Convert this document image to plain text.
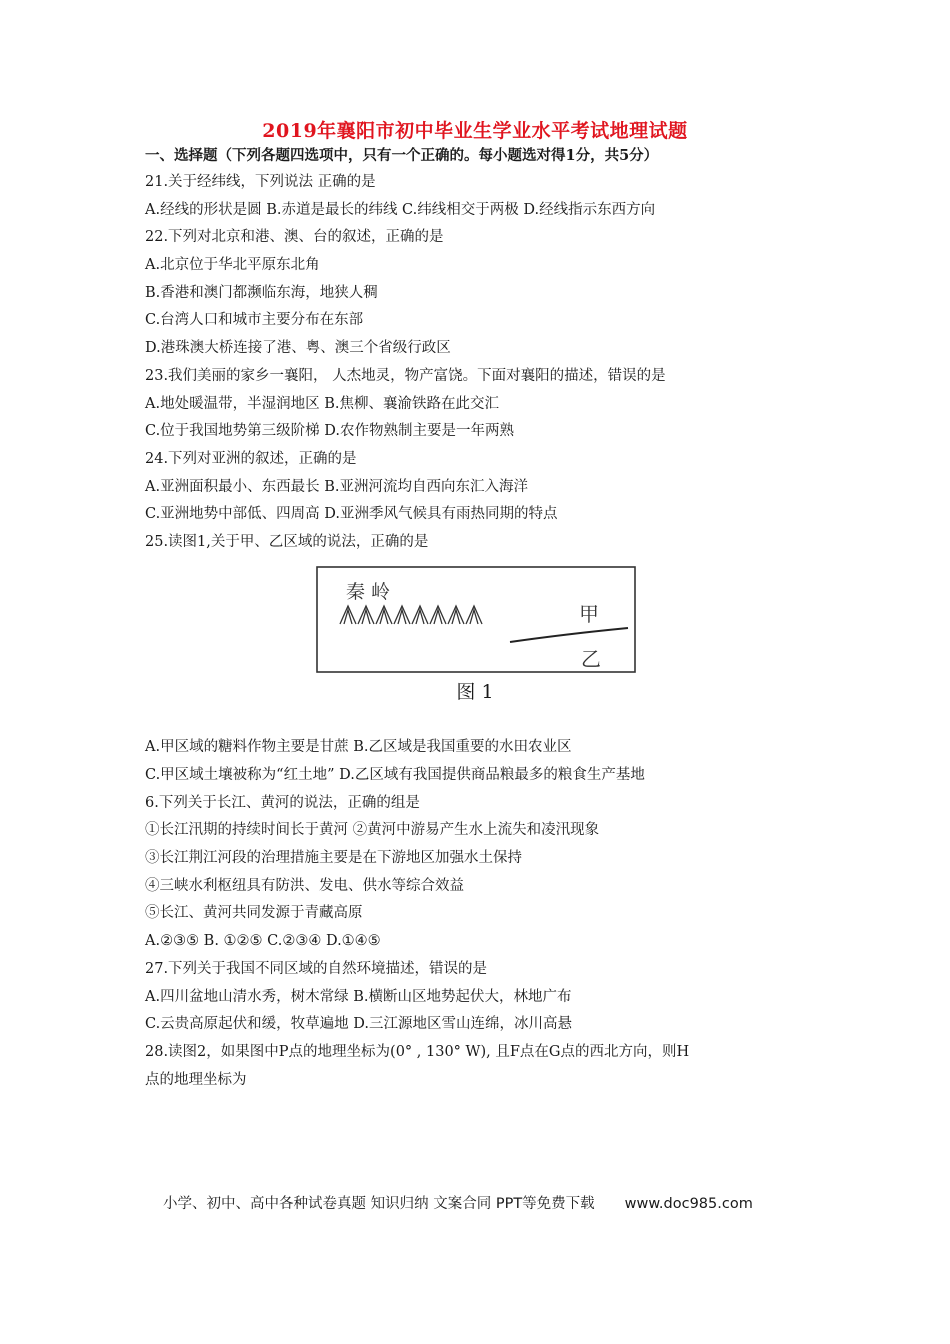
2019年襄阳市初中毕业生学业水平考试地理试题
一、选择题（下列各题四选项中，只有一个正确的。每小题选对得1分，共5分）
21.关于经纬线，下列说法 正确的是
A.经线的形状是圆 B.赤道是最长的纬线 C.纬线相交于两极 D.经线指示东西方向
22.下列对北京和港、澳、台的叙述，正确的是
A.北京位于华北平原东北角
B.香港和澳门都濒临东海，地狭人稠
C.台湾人口和城市主要分布在东部
D.港珠澳大桥连接了港、粤、澳三个省级行政区
23.我们美丽的家乡一襄阳， 人杰地灵，物产富饶。下面对襄阳的描述，错误的是
A.地处暖温带，半湿润地区 B.焦柳、襄渝铁路在此交汇
C.位于我国地势第三级阶梯 D.农作物熟制主要是一年两熟
24.下列对亚洲的叙述，正确的是
A.亚洲面积最小、东西最长 B.亚洲河流均自西向东汇入海洋
C.亚洲地势中部低、四周高 D.亚洲季风气候具有雨热同期的特点
25.读图1,关于甲、乙区域的说法，正确的是
秦 岭
甲
乙
图 1
A.甲区域的糖料作物主要是甘蔗 B.乙区域是我国重要的水田农业区
C.甲区域土壤被称为“红土地” D.乙区域有我国提供商品粮最多的粮食生产基地
6.下列关于长江、黄河的说法，正确的组是
①长江汛期的持续时间长于黄河 ②黄河中游易产生水上流失和凌汛现象
③长江荆江河段的治理措施主要是在下游地区加强水土保持
④三峡水利枢纽具有防洪、发电、供水等综合效益
⑤长江、黄河共同发源于青藏高原
A.②③⑤ B. ①②⑤ C.②③④ D.①④⑤
27.下列关于我国不同区域的自然环境描述，错误的是
A.四川盆地山清水秀，树木常绿 B.横断山区地势起伏大，林地广布
C.云贵高原起伏和缓，牧草遍地 D.三江源地区雪山连绵，冰川高悬
28.读图2，如果图中P点的地理坐标为(0° , 130° W), 且F点在G点的西北方向，则H
点的地理坐标为
小学、初中、高中各种试卷真题 知识归纳 文案合同 PPT等免费下载 www.doc985.com
